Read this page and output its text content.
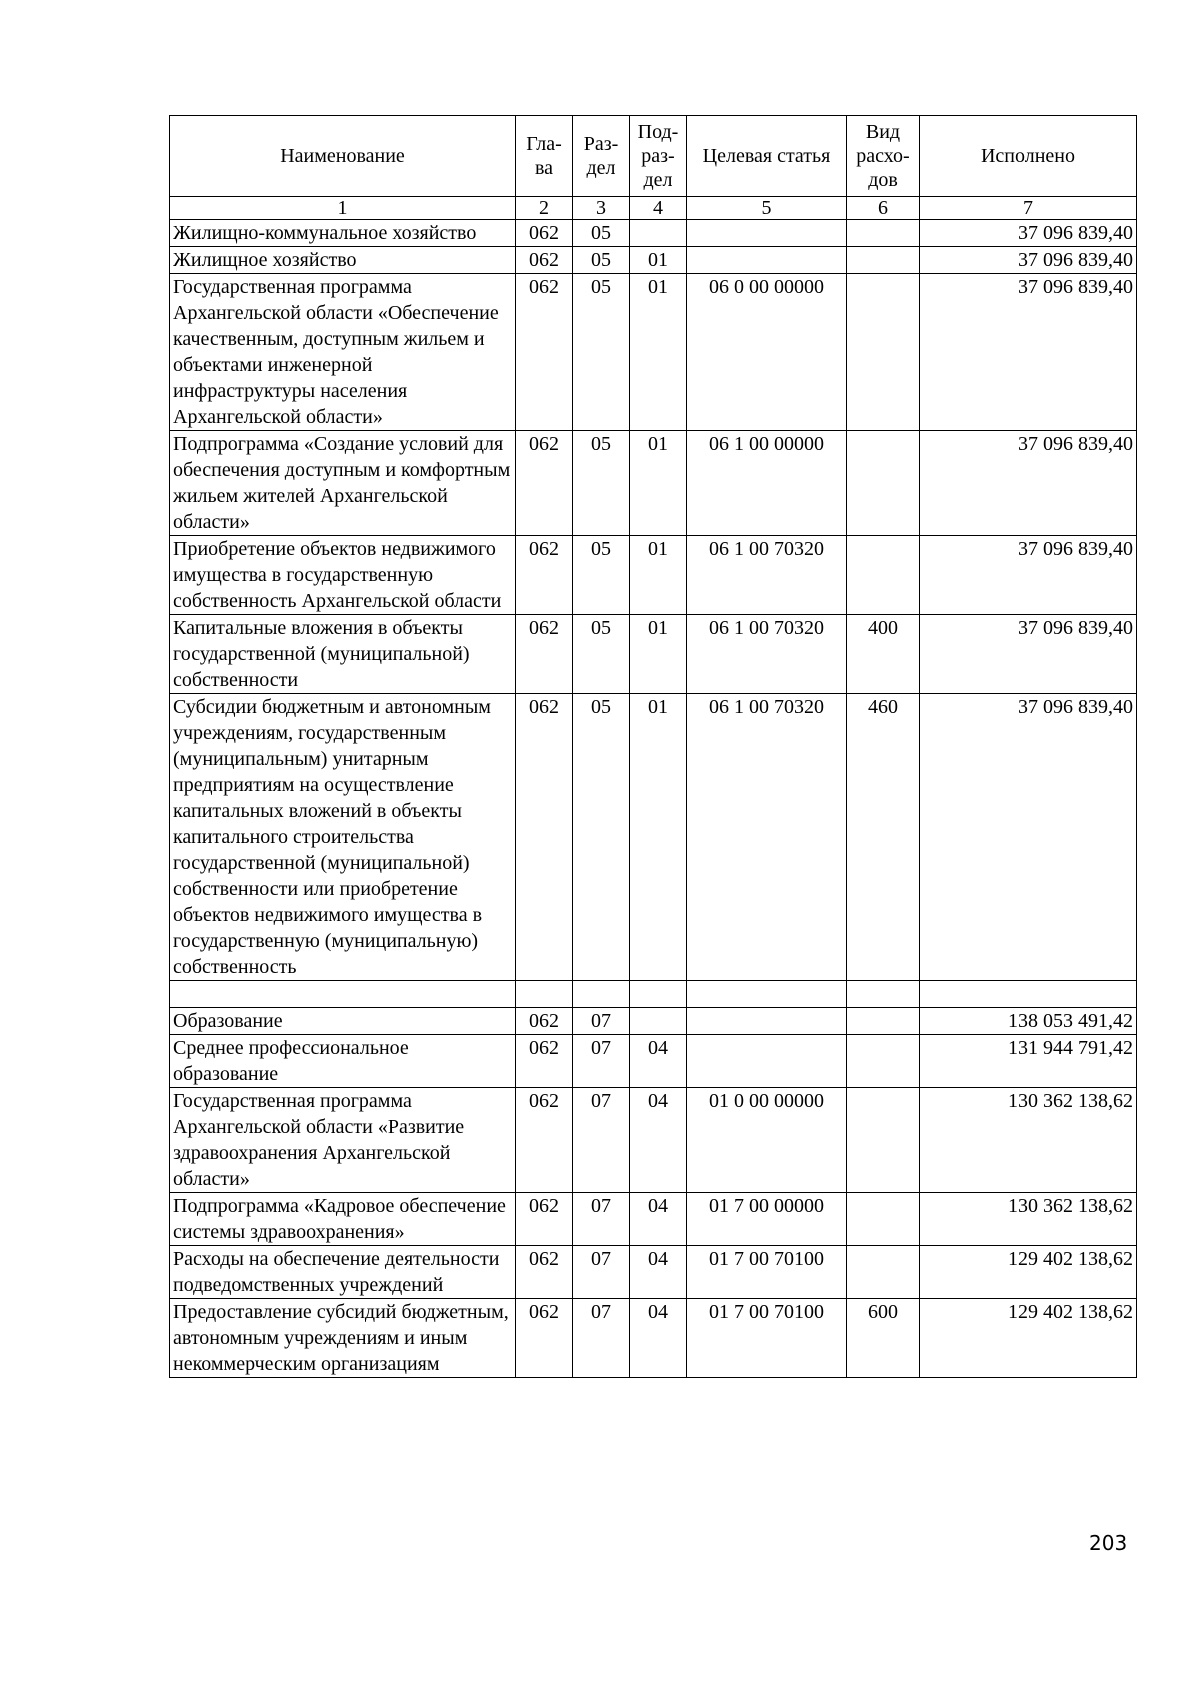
Наименование	Гла-ва	Раз-дел	Под-раз-дел	Целевая статья	Вид расхо-дов	Исполнено
1	2	3	4	5	6	7
Жилищно-коммунальное хозяйство	062	05				37 096 839,40
Жилищное хозяйство	062	05	01			37 096 839,40
Государственная программа Архангельской области «Обеспечение качественным, доступным жильем и объектами инженерной инфраструктуры населения Архангельской области»	062	05	01	06 0 00 00000		37 096 839,40
Подпрограмма «Создание условий для обеспечения доступным и комфортным жильем жителей Архангельской области»	062	05	01	06 1 00 00000		37 096 839,40
Приобретение объектов недвижимого имущества в государственную собственность Архангельской области	062	05	01	06 1 00 70320		37 096 839,40
Капитальные вложения в объекты государственной (муниципальной) собственности	062	05	01	06 1 00 70320	400	37 096 839,40
Субсидии бюджетным и автономным учреждениям, государственным (муниципальным) унитарным предприятиям на осуществление капитальных вложений в объекты капитального строительства государственной (муниципальной) собственности или приобретение объектов недвижимого имущества в государственную (муниципальную) собственность	062	05	01	06 1 00 70320	460	37 096 839,40

Образование	062	07				138 053 491,42
Среднее профессиональное образование	062	07	04			131 944 791,42
Государственная программа Архангельской области «Развитие здравоохранения Архангельской области»	062	07	04	01 0 00 00000		130 362 138,62
Подпрограмма «Кадровое обеспечение системы здравоохранения»	062	07	04	01 7 00 00000		130 362 138,62
Расходы на обеспечение деятельности подведомственных учреждений	062	07	04	01 7 00 70100		129 402 138,62
Предоставление субсидий бюджетным, автономным учреждениям и иным некоммерческим организациям	062	07	04	01 7 00 70100	600	129 402 138,62
203
